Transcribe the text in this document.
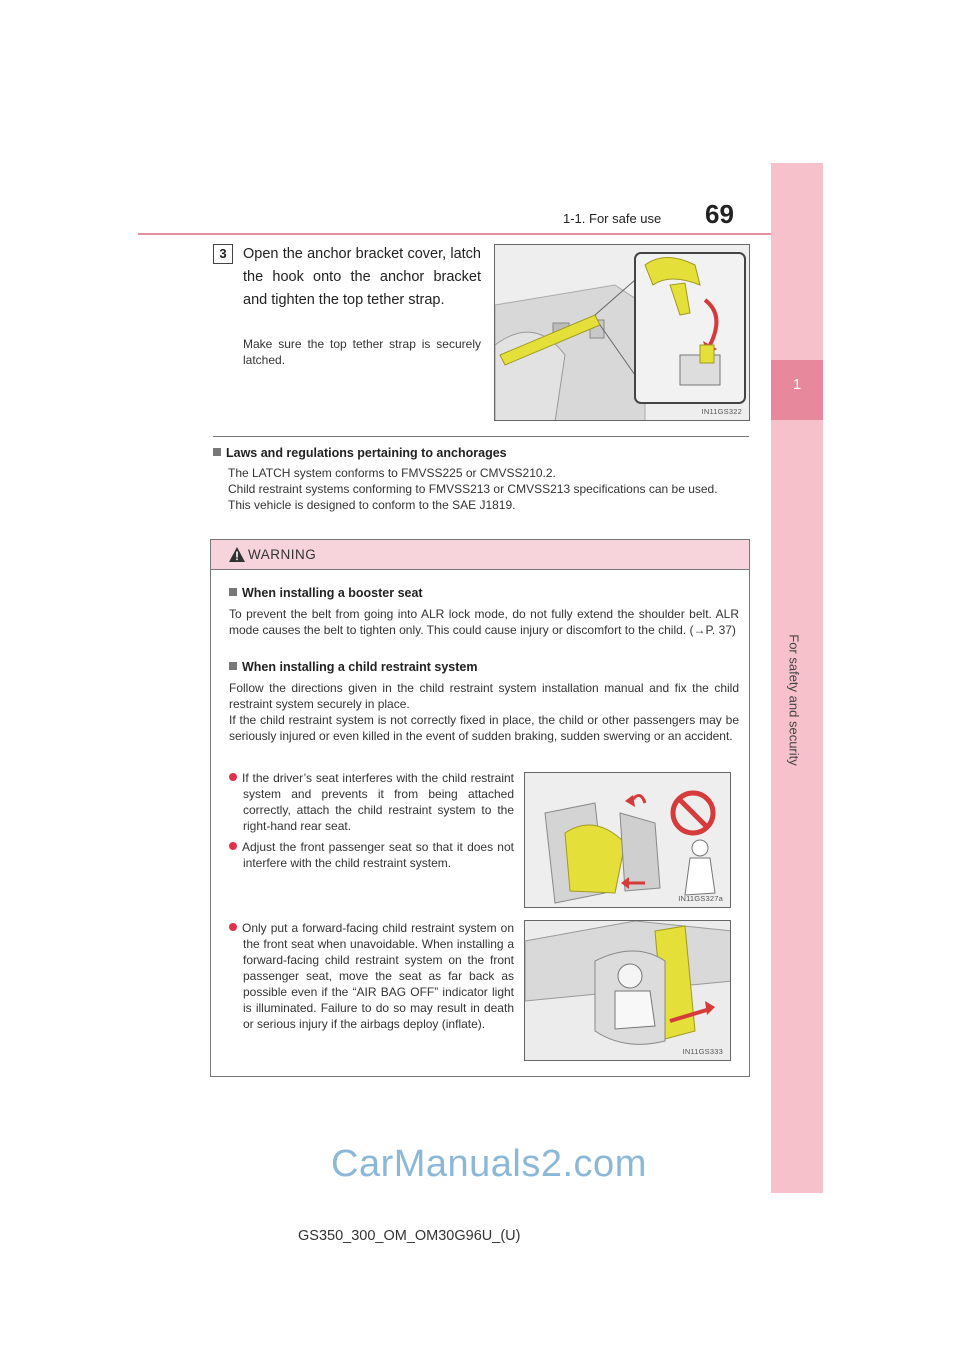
1-1. For safe use 69
1
For safety and security
3	Open the anchor bracket cover, latch the hook onto the anchor bracket and tighten the top tether strap.
Make sure the top tether strap is securely latched.
IN11GS322
Laws and regulations pertaining to anchorages
The LATCH system conforms to FMVSS225 or CMVSS210.2.
Child restraint systems conforming to FMVSS213 or CMVSS213 specifications can be used.
This vehicle is designed to conform to the SAE J1819.
WARNING
When installing a booster seat
To prevent the belt from going into ALR lock mode, do not fully extend the shoulder belt. ALR mode causes the belt to tighten only. This could cause injury or discomfort to the child. (→P. 37)
When installing a child restraint system
Follow the directions given in the child restraint system installation manual and fix the child restraint system securely in place.
If the child restraint system is not correctly fixed in place, the child or other passengers may be seriously injured or even killed in the event of sudden braking, sudden swerving or an accident.
If the driver’s seat interferes with the child restraint system and prevents it from being attached correctly, attach the child restraint system to the right-hand rear seat.
Adjust the front passenger seat so that it does not interfere with the child restraint system.
Only put a forward-facing child restraint system on the front seat when unavoidable. When installing a forward-facing child restraint system on the front passenger seat, move the seat as far back as possible even if the “AIR BAG OFF” indicator light is illuminated. Failure to do so may result in death or serious injury if the airbags deploy (inflate).
IN11GS327a
IN11GS333
CarManuals2.com
GS350_300_OM_OM30G96U_(U)
